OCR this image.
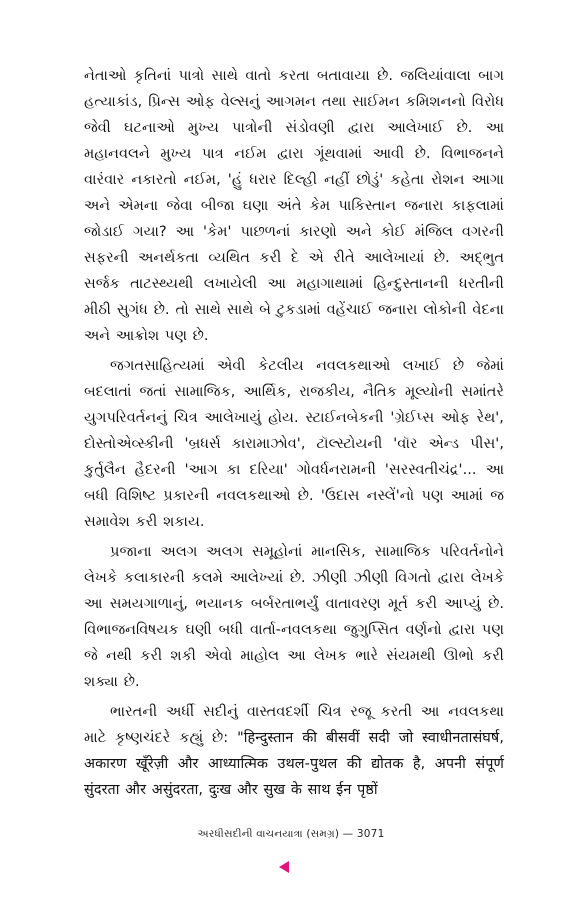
નેતાઓ કૃતિનાં પાત્રો સાથે વાતો કરતા બતાવાયા છે. જલિયાંવાલા બાગ હત્યાકાંડ, પ્રિન્સ ઓફ વેલ્સનું આગમન તથા સાઈમન કમિશનનો વિરોધ જેવી ઘટનાઓ મુખ્ય પાત્રોની સંડોવણી દ્વારા આલેખાઈ છે. આ મહાનવલને મુખ્ય પાત્ર નઈમ દ્વારા ગૂંથવામાં આવી છે. વિભાજનને વારંવાર નકારતો નઈમ, 'હું ધરાર દિલ્હી નહીં છોડું' કહેતા રોશન આગા અને એમના જેવા બીજા ઘણા અંતે કેમ પાકિસ્તાન જનારા કાફલામાં જોડાઈ ગયા? આ 'કેમ' પાછળનાં કારણો અને કોઈ મંજિલ વગરની સફરની અનર્થકતા વ્યથિત કરી દે એ રીતે આલેખાયાં છે. અદ્ભુત સર્જક તાટસ્થ્યથી લખાયેલી આ મહાગાથામાં હિન્દુસ્તાનની ધરતીની મીઠી સુગંધ છે. તો સાથે સાથે બે ટુકડામાં વહેંચાઈ જનારા લોકોની વેદના અને આક્રોશ પણ છે.

જગતસાહિત્યમાં એવી કેટલીય નવલકથાઓ લખાઈ છે જેમાં બદલાતાં જતાં સામાજિક, આર્થિક, રાજકીય, નૈતિક મૂલ્યોની સમાંતરે યુગપરિવર્તનનું ચિત્ર આલેખાયું હોય. સ્ટાઈનબેકની 'ગ્રેઈપ્સ ઓફ રેથ', દોસ્તોએવ્સ્કીની 'બ્રધર્સ કારામાઝોવ', ટૉલ્સ્ટોયની 'વૉર એન્ડ પીસ', કુર્તુલૈન હૈદરની 'આગ કા દરિયા' ગોવર્ધનરામની 'સરસ્વતીચંદ્ર'... આ બધી વિશિષ્ટ પ્રકારની નવલકથાઓ છે. 'ઉદાસ નસ્લેં'નો પણ આમાં જ સમાવેશ કરી શકાય.

પ્રજાના અલગ અલગ સમૂહોનાં માનસિક, સામાજિક પરિવર્તનોને લેખકે કલાકારની કલમે આલેખ્યાં છે. ઝીણી ઝીણી વિગતો દ્વારા લેખકે આ સમયગાળાનું, ભયાનક બર્બરતાભર્યું વાતાવરણ મૂર્ત કરી આપ્યું છે. વિભાજનવિષયક ઘણી બધી વાર્તા-નવલકથા જુગુપ્સિત વર્ણનો દ્વારા પણ જે નથી કરી શકી એવો માહોલ આ લેખક ભારે સંયમથી ઊભો કરી શક્યા છે.

ભારતની અર્ધી સદીનું વાસ્તવદર્શી ચિત્ર રજૂ કરતી આ નવલકથા માટે કૃષ્ણચંદરે કહ્યું છે: "हिन्दुस्तान की बीसवीं सदी जो स्वाधीनतासंघर्ष, अकारण खूँरेज़ी और आध्यात्मिक उथल-पुथल की द्योतक है, अपनी संपूर्ण सुंदरता और असुंदरता, दुःख और सुख के साथ ईन पृष्ठों

અરધીસદીની વાચનયાત્રા (સમગ્ર) — 3071
